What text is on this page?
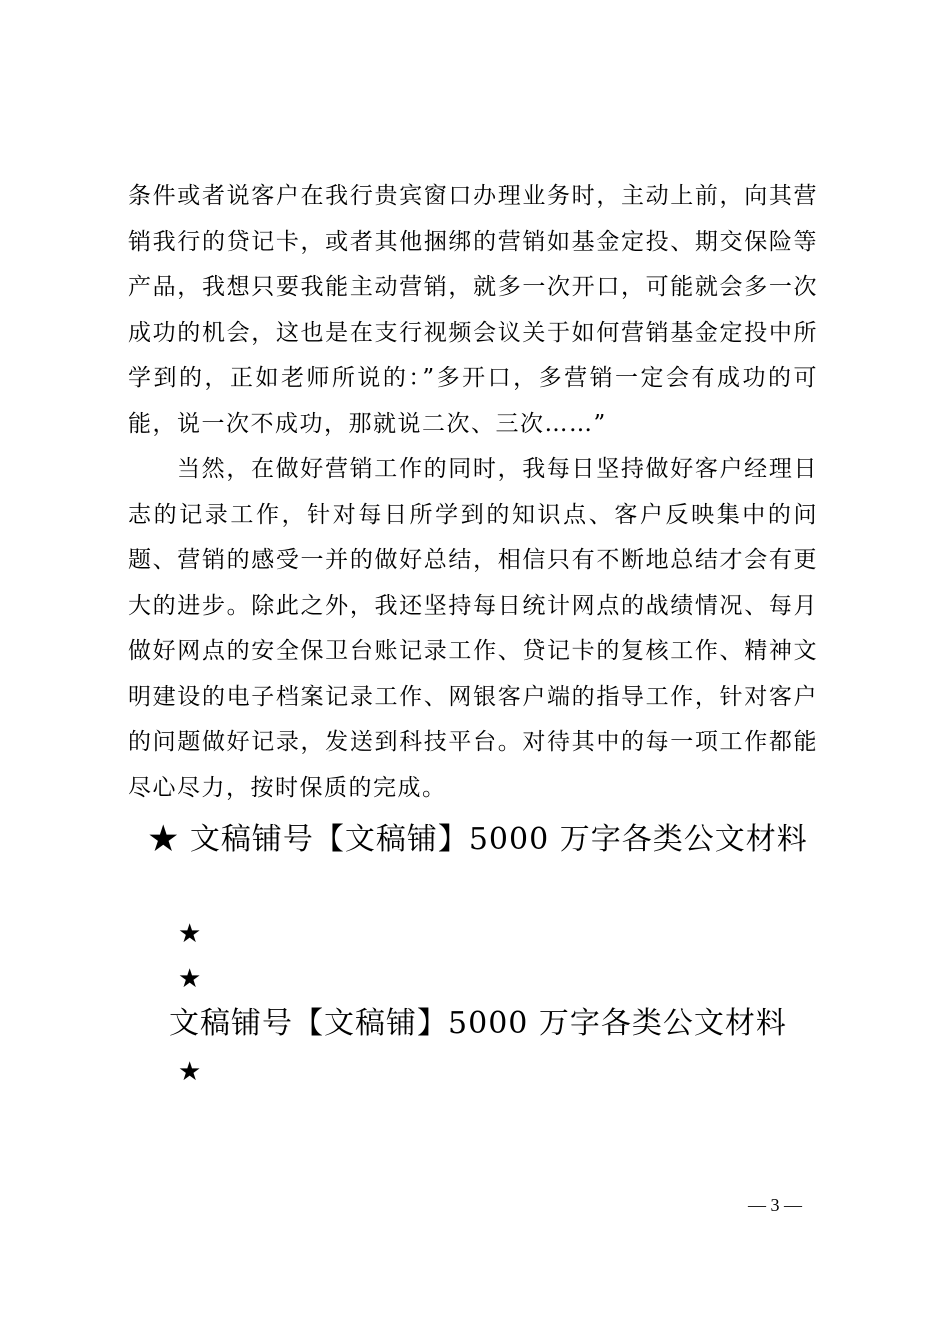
条件或者说客户在我行贵宾窗口办理业务时，主动上前，向其营销我行的贷记卡，或者其他捆绑的营销如基金定投、期交保险等产品，我想只要我能主动营销，就多一次开口，可能就会多一次成功的机会，这也是在支行视频会议关于如何营销基金定投中所学到的，正如老师所说的：”多开口，多营销一定会有成功的可能，说一次不成功，那就说二次、三次……”

当然，在做好营销工作的同时，我每日坚持做好客户经理日志的记录工作，针对每日所学到的知识点、客户反映集中的问题、营销的感受一并的做好总结，相信只有不断地总结才会有更大的进步。除此之外，我还坚持每日统计网点的战绩情况、每月做好网点的安全保卫台账记录工作、贷记卡的复核工作、精神文明建设的电子档案记录工作、网银客户端的指导工作，针对客户的问题做好记录，发送到科技平台。对待其中的每一项工作都能尽心尽力，按时保质的完成。

★ 文稿铺号【文稿铺】5000 万字各类公文材料
★
★
文稿铺号【文稿铺】5000 万字各类公文材料
★
— 3 —
